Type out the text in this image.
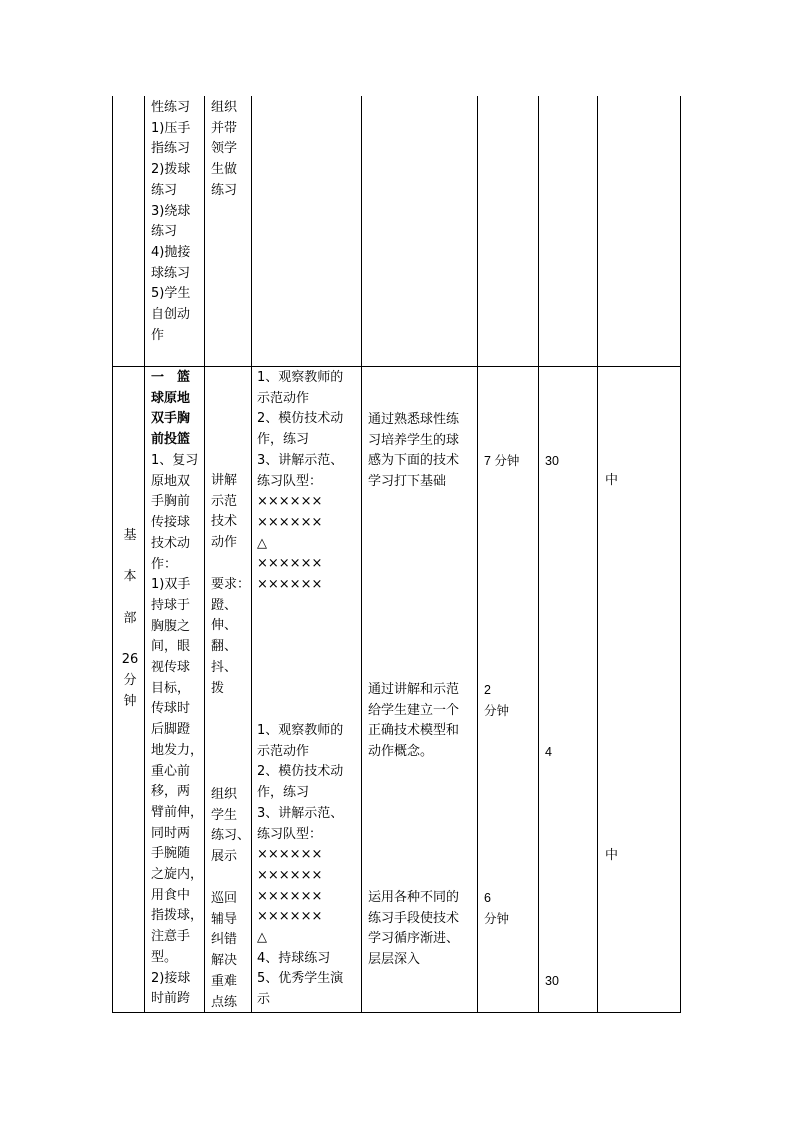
性练习
1)压手
指练习
2)拨球
练习
3)绕球
练习
4)抛接
球练习
5)学生
自创动
作
组织
并带
领学
生做
练习
基

本

部

26
分
钟
一　篮
球原地
双手胸
前投篮
1、复习
原地双
手胸前
传接球
技术动
作：
1)双手
持球于
胸腹之
间，眼
视传球
目标，
传球时
后脚蹬
地发力，
重心前
移，两
臂前伸，
同时两
手腕随
之旋内，
用食中
指拨球，
注意手
型。
2)接球
时前跨
讲解
示范
技术
动作
要求：
蹬、
伸、
翻、
抖、
拨
组织
学生
练习、
展示
巡回
辅导
纠错
解决
重难
点练
1、观察教师的
示范动作
2、模仿技术动
作，练习
3、讲解示范、
练习队型：
××××××
××××××
△
××××××
××××××
1、观察教师的
示范动作
2、模仿技术动
作，练习
3、讲解示范、
练习队型：
××××××
××××××
××××××
××××××
△
4、持球练习
5、优秀学生演
示
通过熟悉球性练
习培养学生的球
感为下面的技术
学习打下基础
通过讲解和示范
给学生建立一个
正确技术模型和
动作概念。
运用各种不同的
练习手段使技术
学习循序渐进、
层层深入
7 分钟
2
分钟
6
分钟
30
4
30
中
中
